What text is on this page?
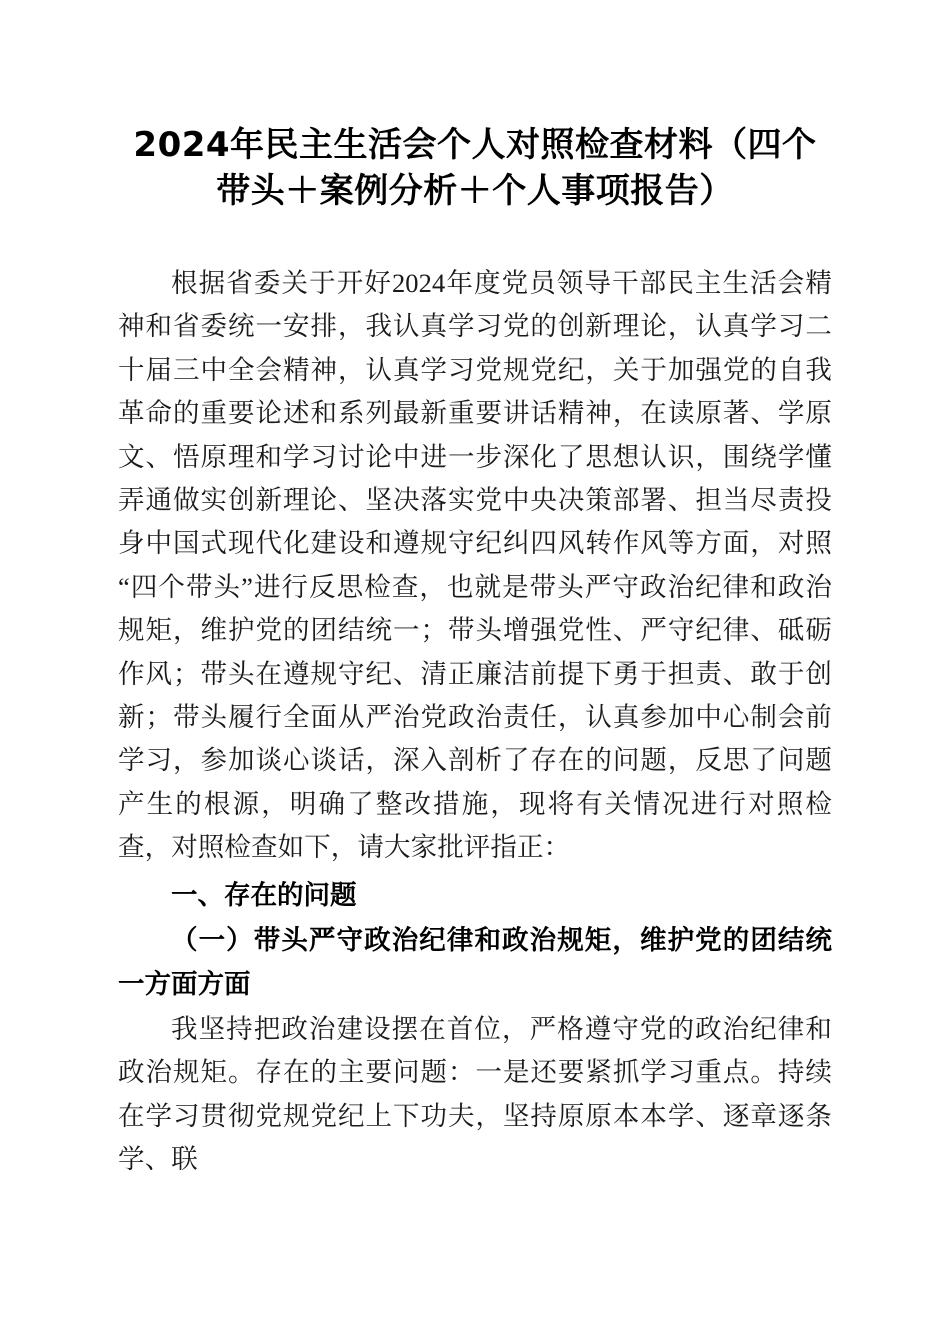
2024年民主生活会个人对照检查材料（四个带头＋案例分析＋个人事项报告）

根据省委关于开好2024年度党员领导干部民主生活会精神和省委统一安排，我认真学习党的创新理论，认真学习二十届三中全会精神，认真学习党规党纪，关于加强党的自我革命的重要论述和系列最新重要讲话精神，在读原著、学原文、悟原理和学习讨论中进一步深化了思想认识，围绕学懂弄通做实创新理论、坚决落实党中央决策部署、担当尽责投身中国式现代化建设和遵规守纪纠四风转作风等方面，对照“四个带头”进行反思检查，也就是带头严守政治纪律和政治规矩，维护党的团结统一；带头增强党性、严守纪律、砥砺作风；带头在遵规守纪、清正廉洁前提下勇于担责、敢于创新；带头履行全面从严治党政治责任，认真参加中心制会前学习，参加谈心谈话，深入剖析了存在的问题，反思了问题产生的根源，明确了整改措施，现将有关情况进行对照检查，对照检查如下，请大家批评指正：

一、存在的问题
（一）带头严守政治纪律和政治规矩，维护党的团结统一方面方面

我坚持把政治建设摆在首位，严格遵守党的政治纪律和政治规矩。存在的主要问题：一是还要紧抓学习重点。持续在学习贯彻党规党纪上下功夫，坚持原原本本学、逐章逐条学、联
